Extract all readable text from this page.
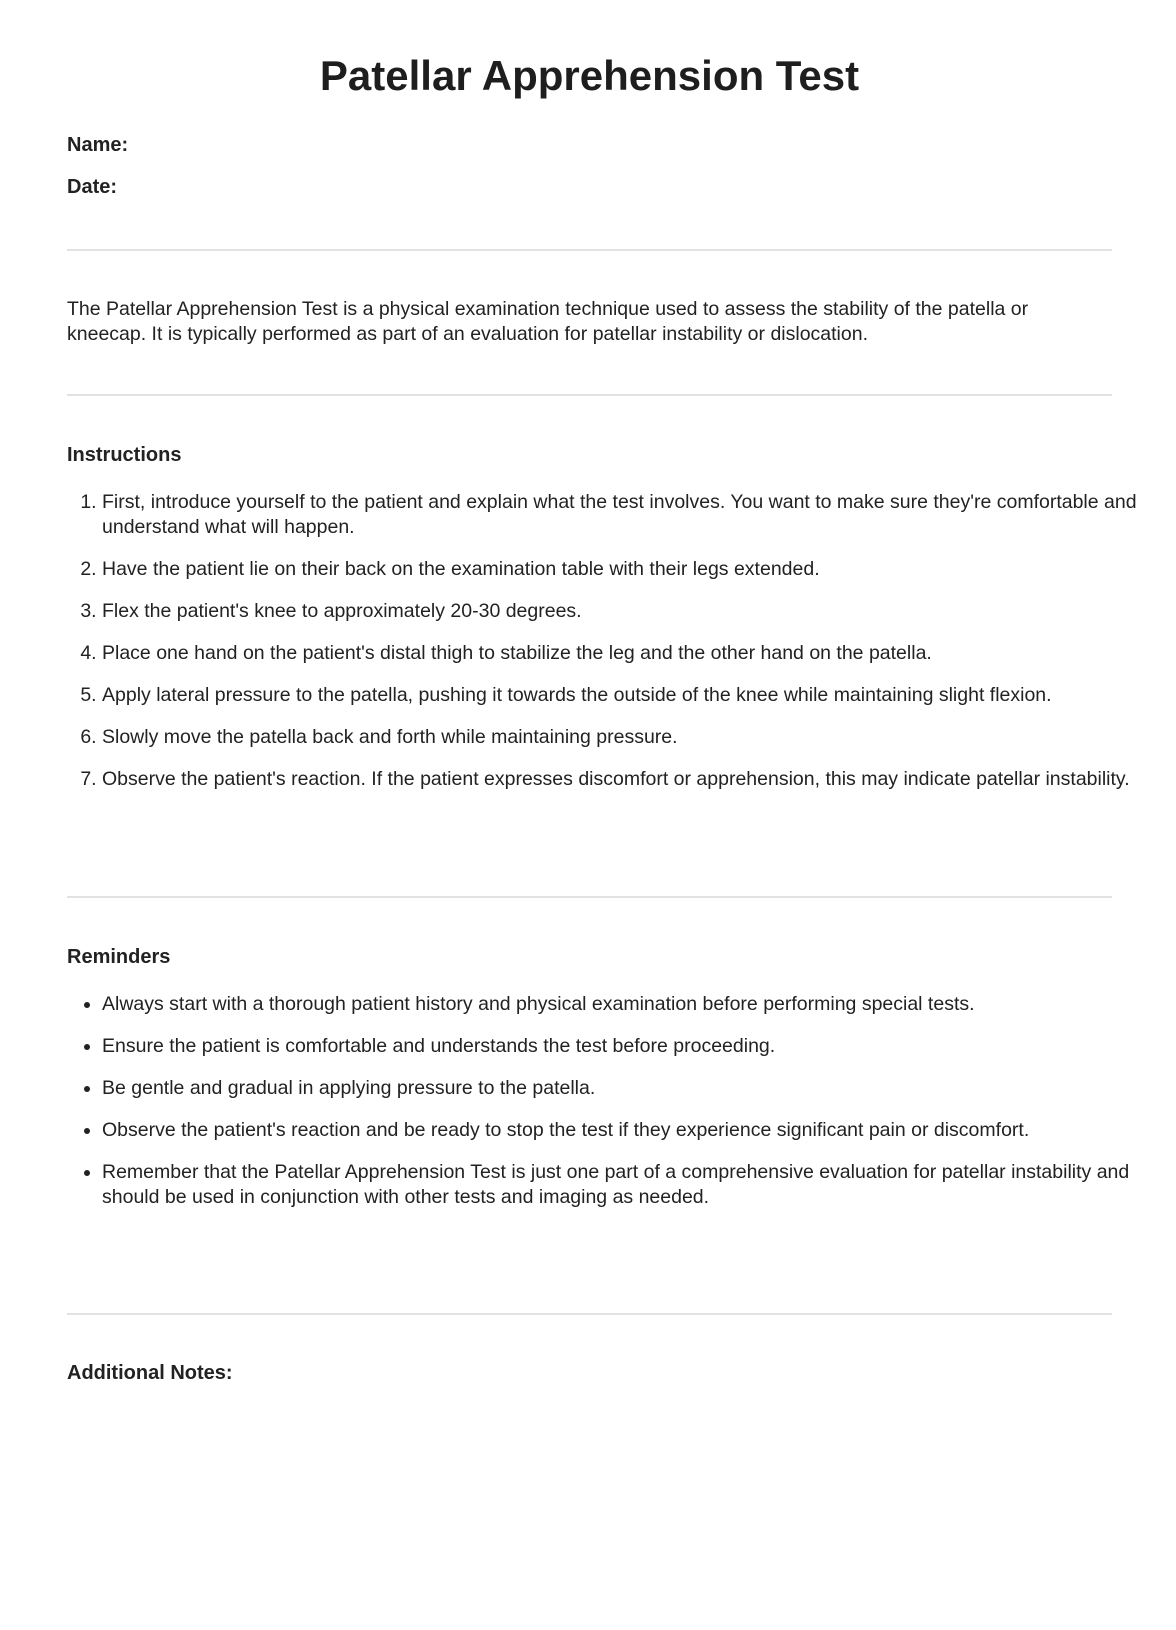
Patellar Apprehension Test
Name:
Date:
The Patellar Apprehension Test is a physical examination technique used to assess the stability of the patella or kneecap. It is typically performed as part of an evaluation for patellar instability or dislocation.
Instructions
1. First, introduce yourself to the patient and explain what the test involves. You want to make sure they're comfortable and understand what will happen.
2. Have the patient lie on their back on the examination table with their legs extended.
3. Flex the patient's knee to approximately 20-30 degrees.
4. Place one hand on the patient's distal thigh to stabilize the leg and the other hand on the patella.
5. Apply lateral pressure to the patella, pushing it towards the outside of the knee while maintaining slight flexion.
6. Slowly move the patella back and forth while maintaining pressure.
7. Observe the patient's reaction. If the patient expresses discomfort or apprehension, this may indicate patellar instability.
Reminders
• Always start with a thorough patient history and physical examination before performing special tests.
• Ensure the patient is comfortable and understands the test before proceeding.
• Be gentle and gradual in applying pressure to the patella.
• Observe the patient's reaction and be ready to stop the test if they experience significant pain or discomfort.
• Remember that the Patellar Apprehension Test is just one part of a comprehensive evaluation for patellar instability and should be used in conjunction with other tests and imaging as needed.
Additional Notes:
